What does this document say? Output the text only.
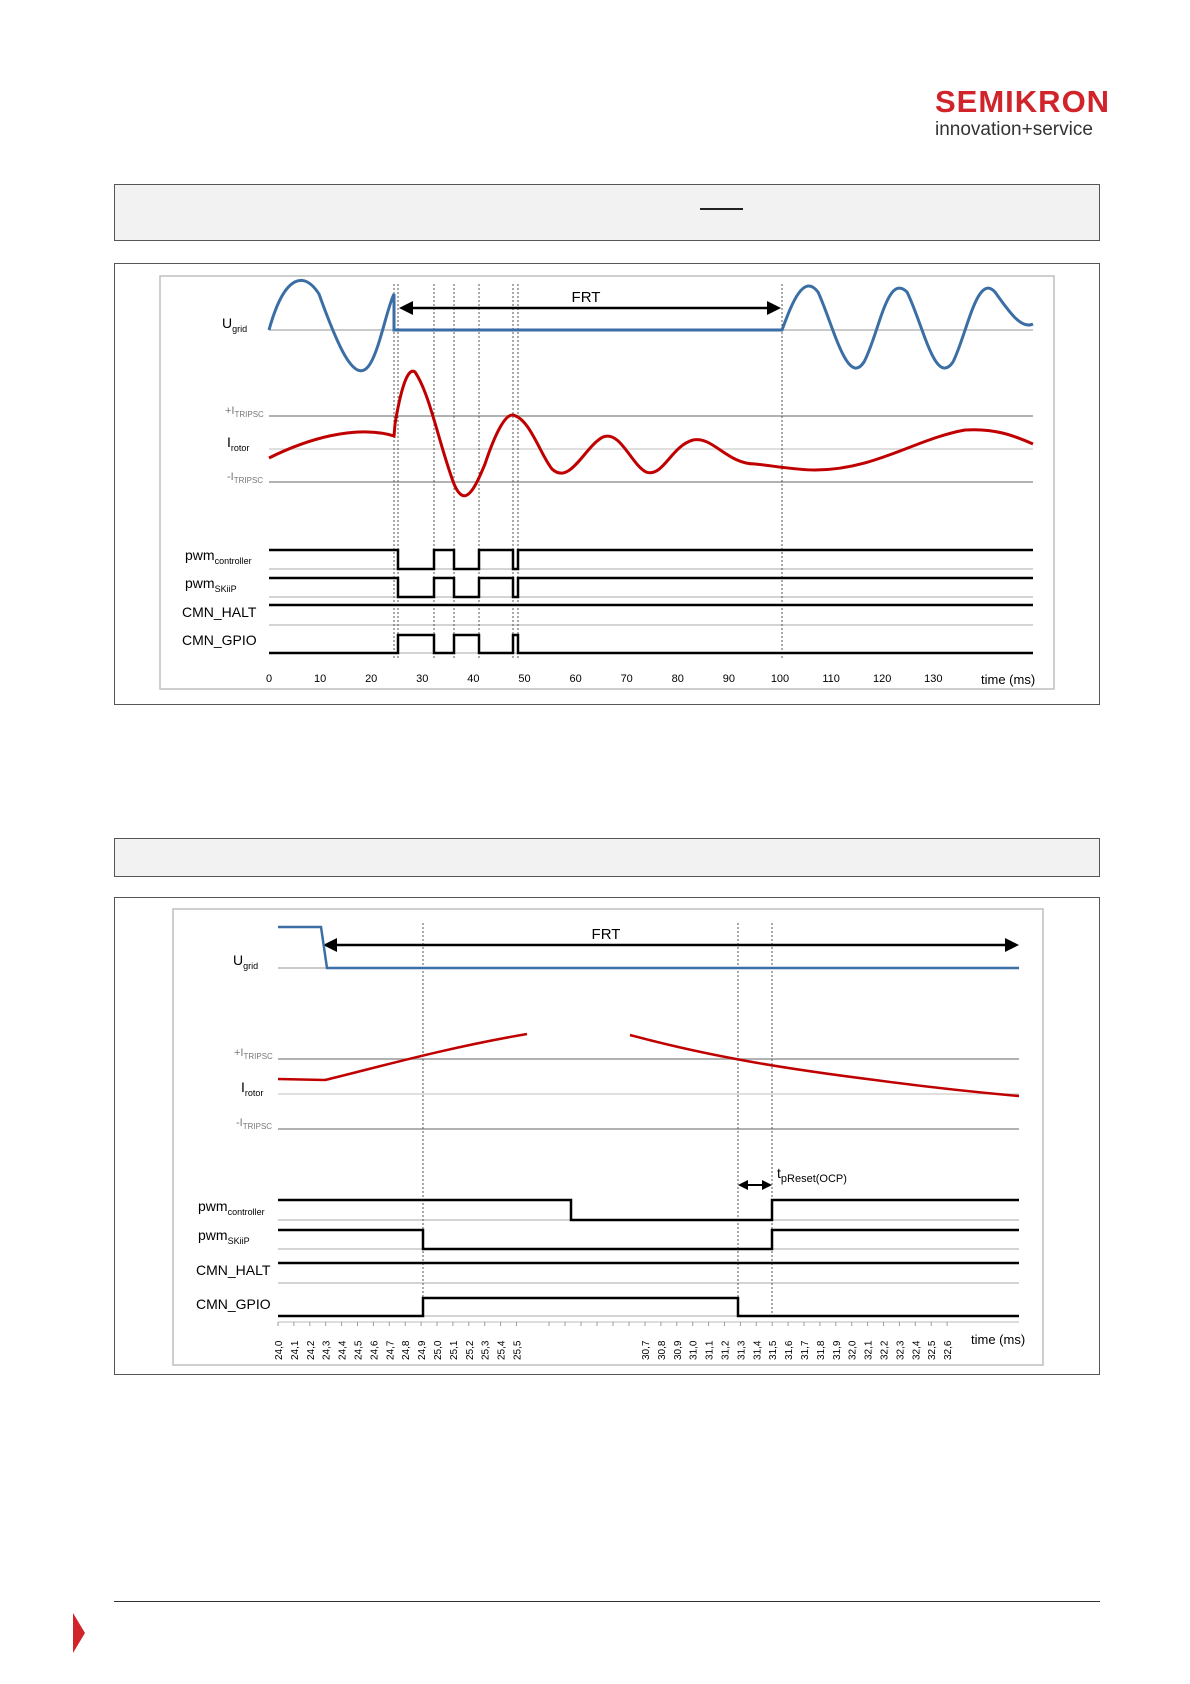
SEMIKRON
innovation+service
FRT
$U_{grid}$
$+I_{TRIPSC}$
$I_{rotor}$
$-I_{TRIPSC}$
pwm$_{controller}$
pwm$_{SKiiP}$
CMN_HALT
CMN_GPIO
0	10	20	30	40	50	60	70	80	90	100	110	120	130	time (ms)
FRT
$t_{pReset(OCP)}$
$U_{grid}$
$+I_{TRIPSC}$
$I_{rotor}$
$-I_{TRIPSC}$
pwm$_{controller}$
pwm$_{SKiiP}$
CMN_HALT
CMN_GPIO
24,0 24,1 24,2 24,3 24,4 24,5 24,6 24,7 24,8 24,9 25,0 25,1 25,2 25,3 25,4 25,5	30,7 30,8 30,9 31,0 31,1 31,2 31,3 31,4 31,5 31,6 31,7 31,8 31,9 32,0 32,1 32,2 32,3 32,4 32,5 32,6
time (ms)
